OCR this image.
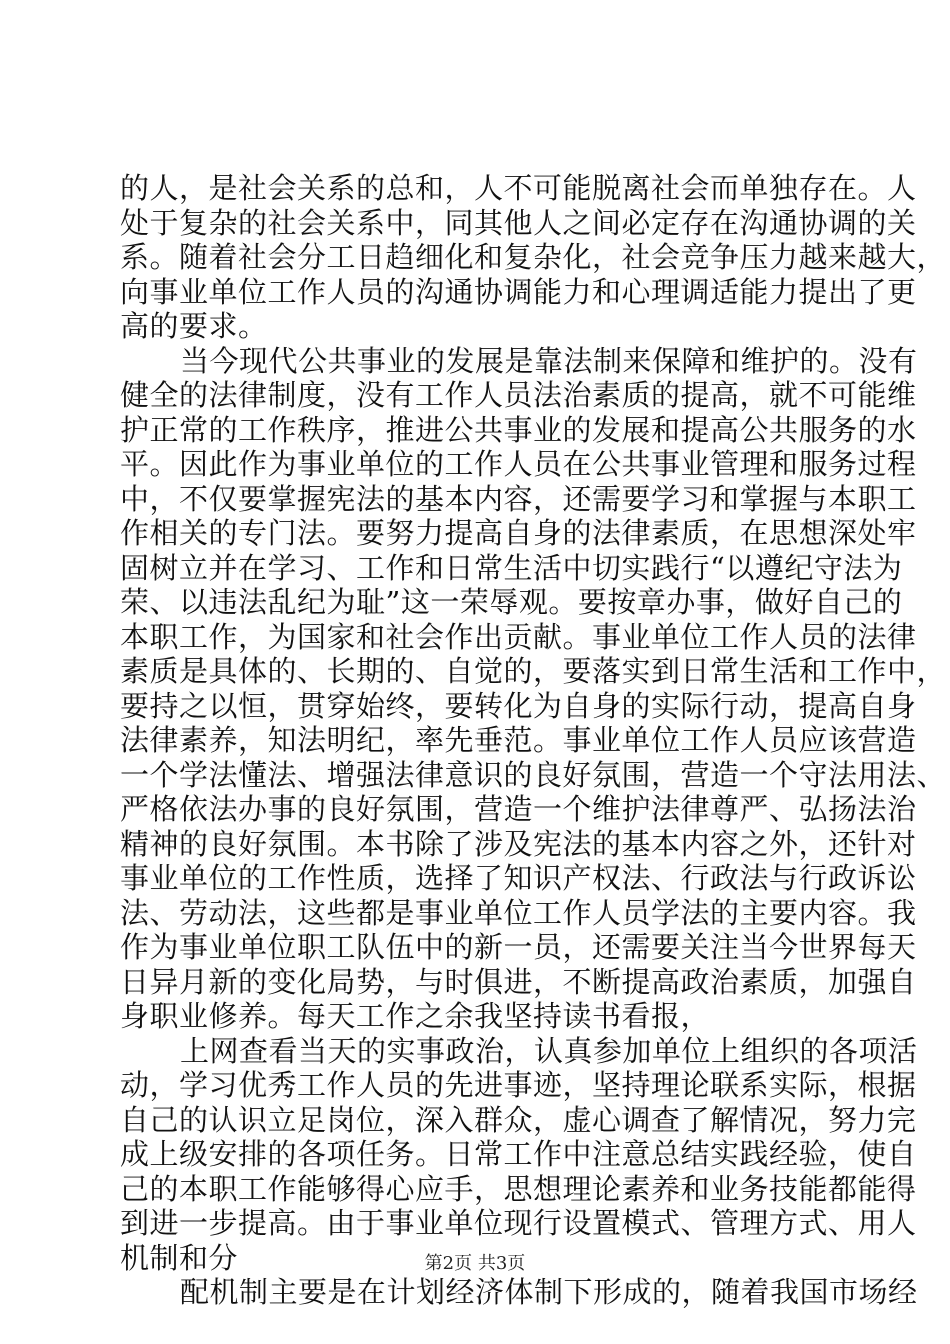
的人，是社会关系的总和，人不可能脱离社会而单独存在。人
处于复杂的社会关系中，同其他人之间必定存在沟通协调的关
系。随着社会分工日趋细化和复杂化，社会竞争压力越来越大，
向事业单位工作人员的沟通协调能力和心理调适能力提出了更
高的要求。
当今现代公共事业的发展是靠法制来保障和维护的。没有
健全的法律制度，没有工作人员法治素质的提高，就不可能维
护正常的工作秩序，推进公共事业的发展和提高公共服务的水
平。因此作为事业单位的工作人员在公共事业管理和服务过程
中，不仅要掌握宪法的基本内容，还需要学习和掌握与本职工
作相关的专门法。要努力提高自身的法律素质，在思想深处牢
固树立并在学习、工作和日常生活中切实践行“以遵纪守法为
荣、以违法乱纪为耻”这一荣辱观。要按章办事，做好自己的
本职工作，为国家和社会作出贡献。事业单位工作人员的法律
素质是具体的、长期的、自觉的，要落实到日常生活和工作中，
要持之以恒，贯穿始终，要转化为自身的实际行动，提高自身
法律素养，知法明纪，率先垂范。事业单位工作人员应该营造
一个学法懂法、增强法律意识的良好氛围，营造一个守法用法、
严格依法办事的良好氛围，营造一个维护法律尊严、弘扬法治
精神的良好氛围。本书除了涉及宪法的基本内容之外，还针对
事业单位的工作性质，选择了知识产权法、行政法与行政诉讼
法、劳动法，这些都是事业单位工作人员学法的主要内容。我
作为事业单位职工队伍中的新一员，还需要关注当今世界每天
日异月新的变化局势，与时俱进，不断提高政治素质，加强自
身职业修养。每天工作之余我坚持读书看报，
上网查看当天的实事政治，认真参加单位上组织的各项活
动，学习优秀工作人员的先进事迹，坚持理论联系实际，根据
自己的认识立足岗位，深入群众，虚心调查了解情况，努力完
成上级安排的各项任务。日常工作中注意总结实践经验，使自
己的本职工作能够得心应手，思想理论素养和业务技能都能得
到进一步提高。由于事业单位现行设置模式、管理方式、用人
机制和分
配机制主要是在计划经济体制下形成的，随着我国市场经
第2页 共3页
